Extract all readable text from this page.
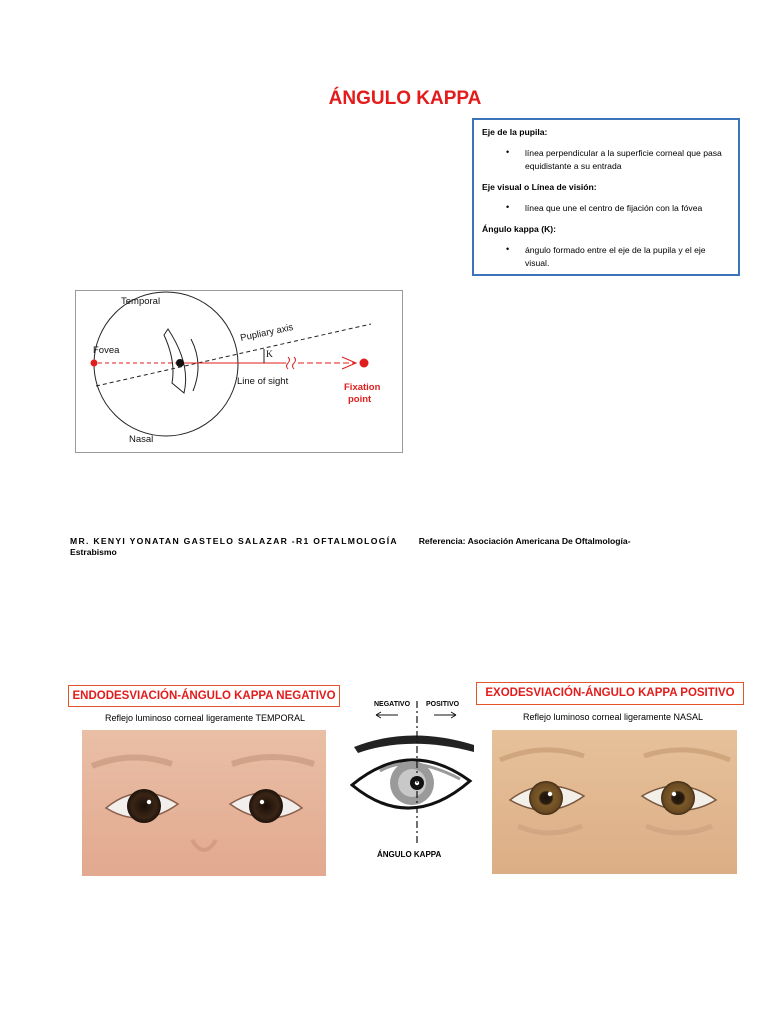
ÁNGULO KAPPA
Eje de la pupila:
• línea perpendicular a la superficie corneal que pasa equidistante a su entrada
Eje visual o Línea de visión:
• línea que une el centro de fijación con la fóvea
Ángulo kappa (K):
• ángulo formado entre el eje de la pupila y el eje visual.
Temporal
Fovea
Pupliary axis
K
Line of sight
Fixation
point
Nasal
MR. KENYI YONATAN GASTELO SALAZAR -R1 OFTALMOLOGÍA Referencia: Asociación Americana De Oftalmología-
Estrabismo
ENDODESVIACIÓN-ÁNGULO KAPPA NEGATIVO
Reflejo luminoso corneal ligeramente TEMPORAL
EXODESVIACIÓN-ÁNGULO KAPPA POSITIVO
Reflejo luminoso corneal ligeramente NASAL
NEGATIVO POSITIVO
ÁNGULO KAPPA
